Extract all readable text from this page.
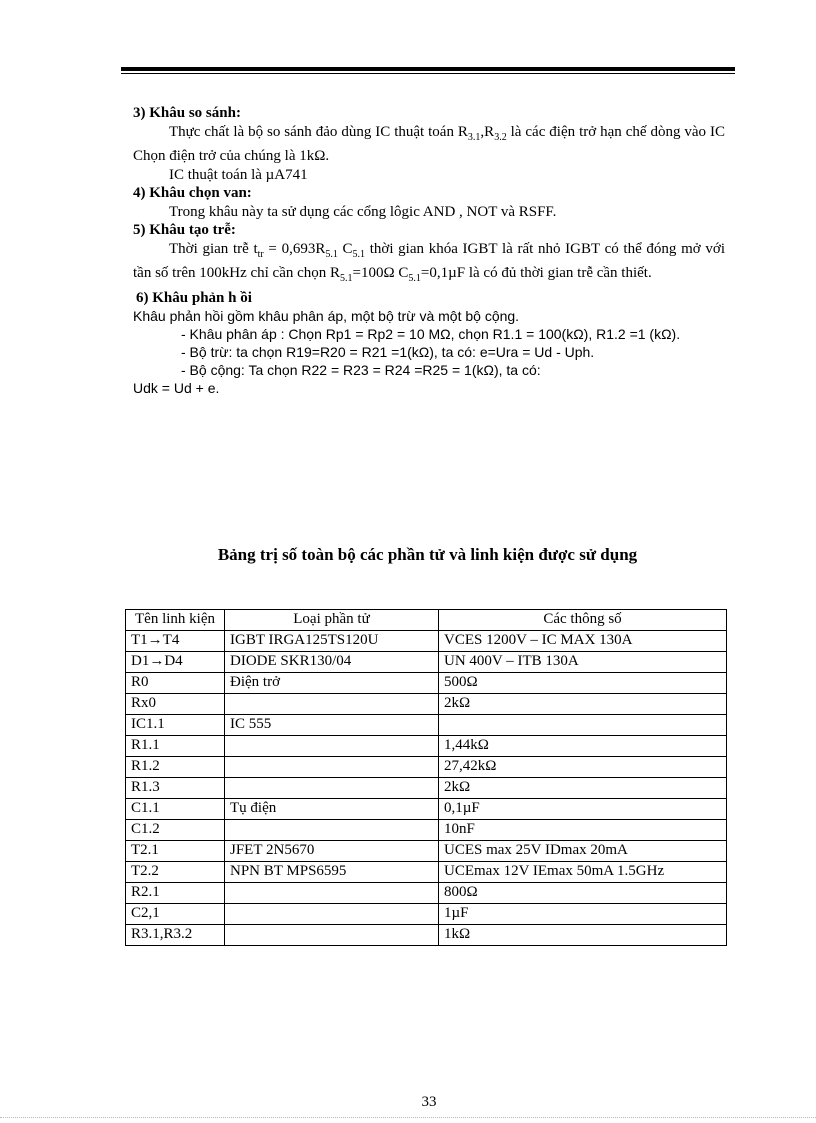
3) Khâu so sánh:

Thực chất là bộ so sánh đảo dùng IC thuật toán $R_{3.1},R_{3.2}$ là các điện trở hạn chế dòng vào IC Chọn điện trở của chúng là 1kΩ.

IC thuật toán là µA741

4) Khâu chọn van:

Trong khâu này ta sử dụng các cổng lôgic AND , NOT và RSFF.

5) Khâu tạo trễ:

Thời gian trễ $t_{tr} = 0,693R_{5.1}$ $C_{5.1}$ thời gian khóa IGBT là rất nhỏ IGBT có thể đóng mở với tần số trên 100kHz chỉ cần chọn $R_{5.1}=100\Omega$ $C_{5.1}=0,1\mu F$ là có đủ thời gian trễ cần thiết.

6) Khâu phản h ồi

Khâu phản hồi gồm khâu phân áp, một bộ trừ và một bộ cộng.

- Khâu phân áp : Chọn Rp1 = Rp2 = 10 MΩ, chọn R1.1 = 100(kΩ), R1.2 =1 (kΩ).

- Bộ trừ: ta chọn R19=R20 = R21 =1(kΩ), ta có: e=Ura = Ud - Uph.

- Bộ cộng: Ta chọn R22 = R23 = R24 =R25 = 1(kΩ), ta có:

Udk = Ud + e.

Bảng trị số toàn bộ các phần tử và linh kiện được sử dụng
Tên linh kiện	Loại phần tử	Các thông số
T1→T4	IGBT IRGA125TS120U	VCES 1200V – IC MAX 130A
D1→D4	DIODE SKR130/04	UN 400V – ITB 130A
R0	Điện trở	500Ω
Rx0		2kΩ
IC1.1	IC 555	
R1.1		1,44kΩ
R1.2		27,42kΩ
R1.3		2kΩ
C1.1	Tụ điện	0,1µF
C1.2		10nF
T2.1	JFET 2N5670	UCES max 25V IDmax 20mA
T2.2	NPN BT MPS6595	UCEmax 12V IEmax 50mA 1.5GHz
R2.1		800Ω
C2,1		1µF
R3.1,R3.2		1kΩ
33
